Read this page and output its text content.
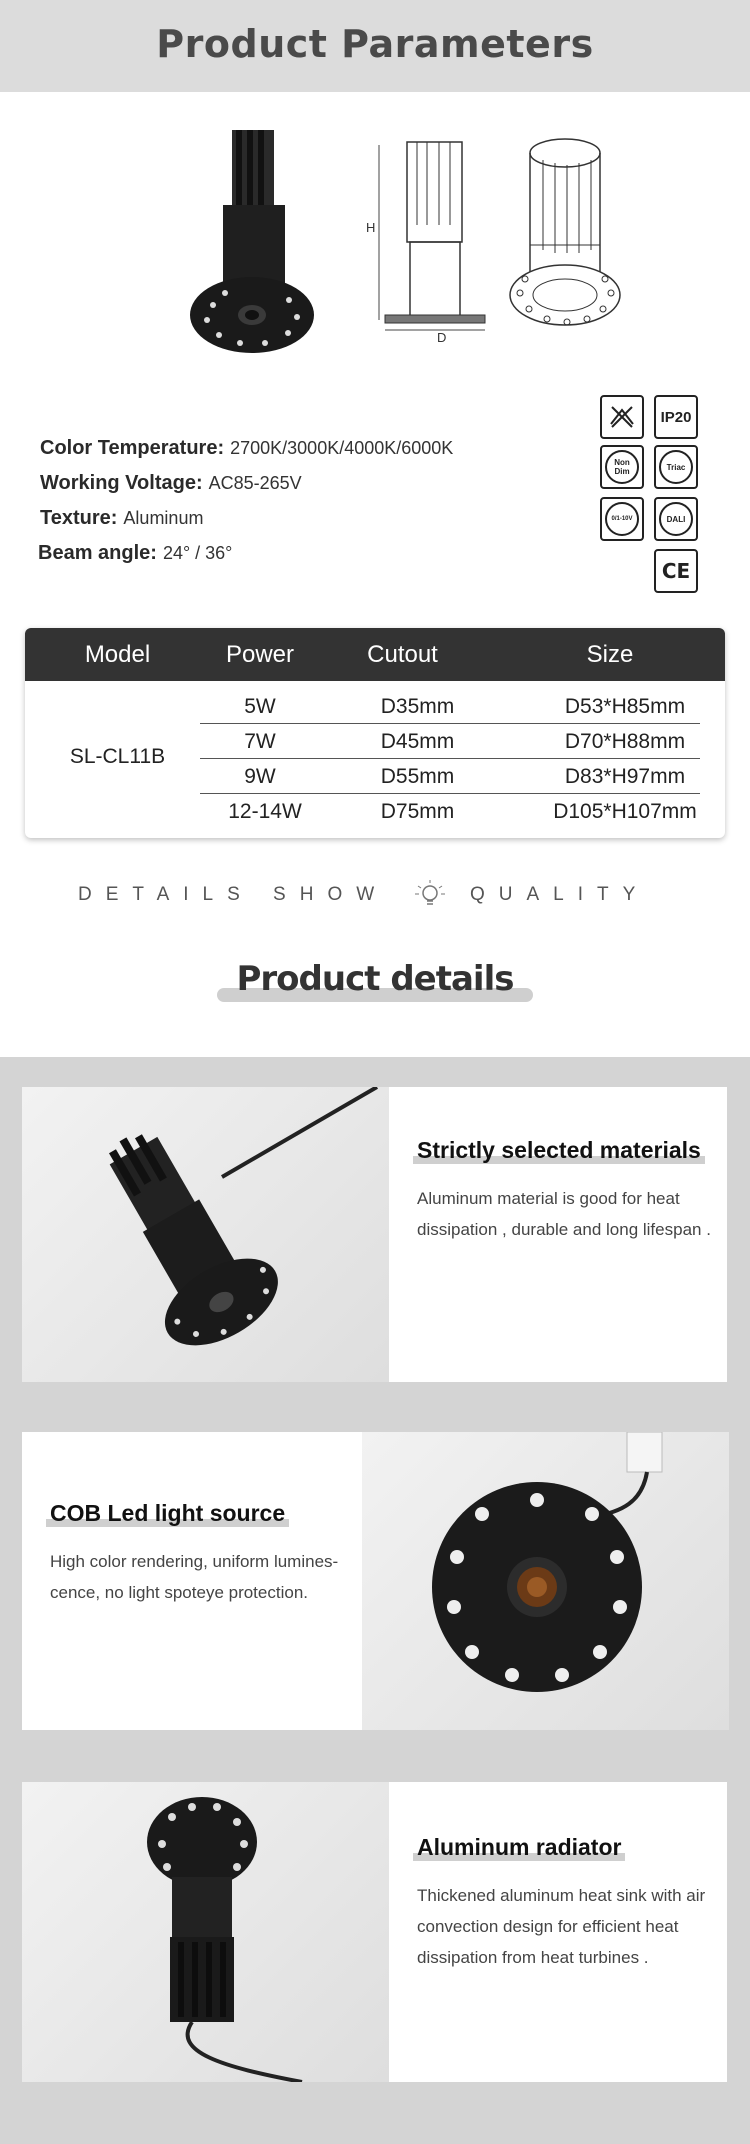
Product Parameters
H
D
Color Temperature: 2700K/3000K/4000K/6000K
Working Voltage: AC85-265V
Texture: Aluminum
Beam angle: 24° / 36°
IP20
Non Dim	Triac
0/1-10V	DALI
CE
Model	Power	Cutout	Size
SL-CL11B
5W	D35mm	D53*H85mm
7W	D45mm	D70*H88mm
9W	D55mm	D83*H97mm
12-14W	D75mm	D105*H107mm
DETAILS SHOW	QUALITY
Product details
Strictly selected materials
Aluminum material is good for heat
dissipation , durable and long lifespan .
COB Led light source
High color rendering, uniform lumines-
cence, no light spoteye protection.
Aluminum radiator
Thickened aluminum heat sink with air
convection design for efficient heat
dissipation from heat turbines .
